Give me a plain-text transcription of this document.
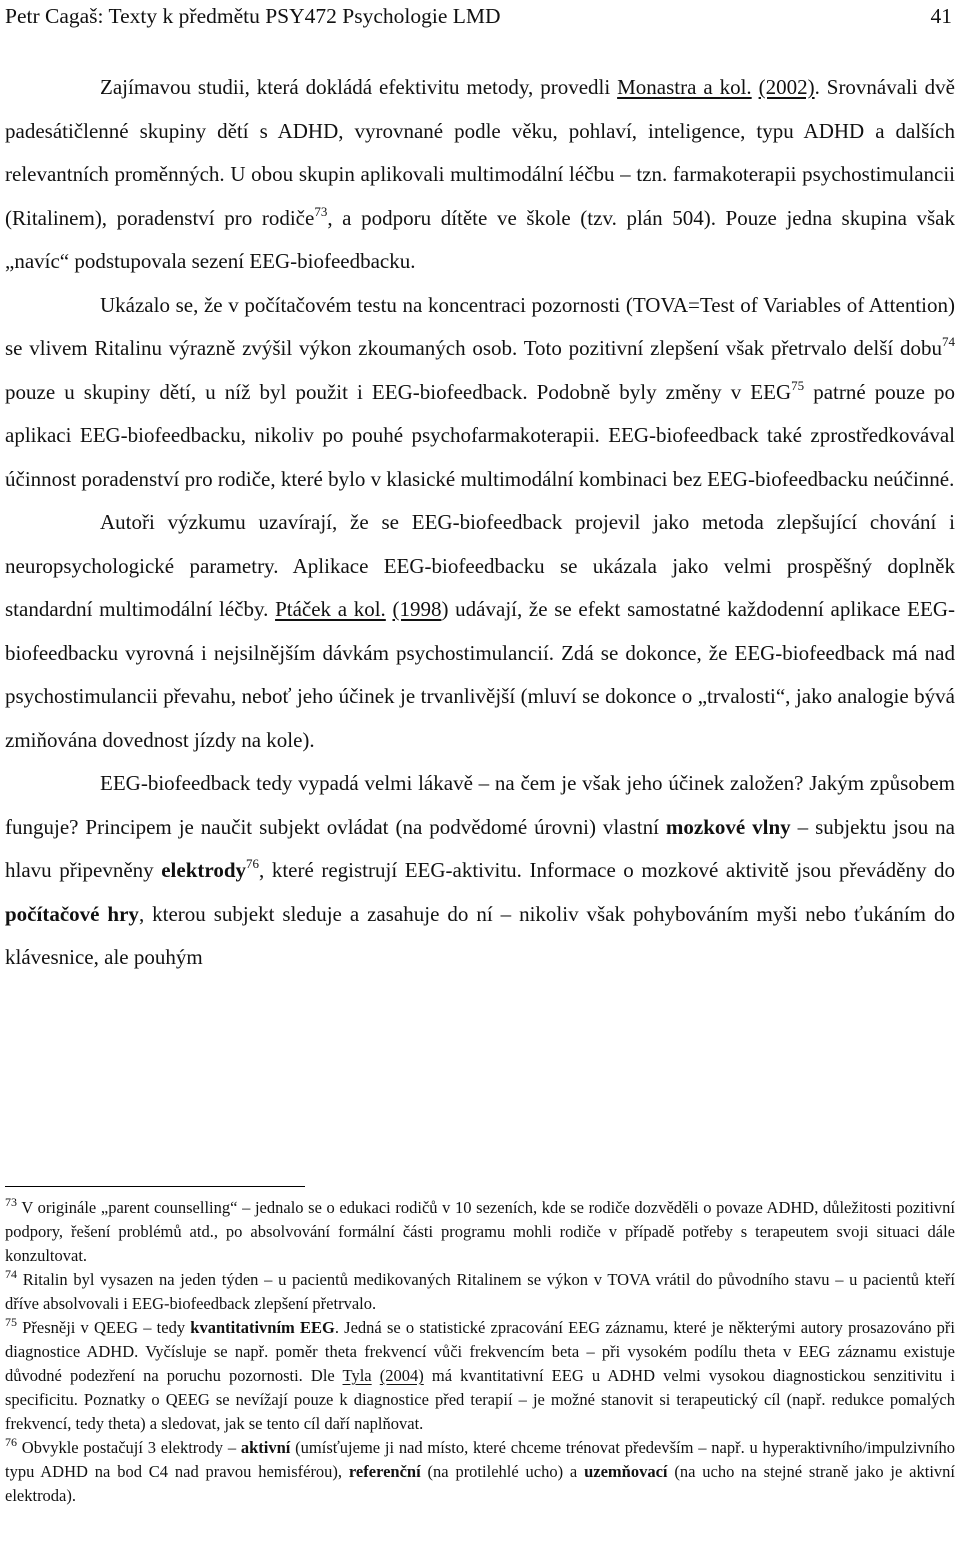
Petr Cagaš: Texty k předmětu PSY472 Psychologie LMD	41

Zajímavou studii, která dokládá efektivitu metody, provedli Monastra a kol. (2002). Srovnávali dvě padesátičlenné skupiny dětí s ADHD, vyrovnané podle věku, pohlaví, inteligence, typu ADHD a dalších relevantních proměnných. U obou skupin aplikovali multimodální léčbu – tzn. farmakoterapii psychostimulancii (Ritalinem), poradenství pro rodiče$^{73}$, a podporu dítěte ve škole (tzv. plán 504). Pouze jedna skupina však „navíc“ podstupovala sezení EEG-biofeedbacku.

Ukázalo se, že v počítačovém testu na koncentraci pozornosti (TOVA=Test of Variables of Attention) se vlivem Ritalinu výrazně zvýšil výkon zkoumaných osob. Toto pozitivní zlepšení však přetrvalo delší dobu$^{74}$ pouze u skupiny dětí, u níž byl použit i EEG-biofeedback. Podobně byly změny v EEG$^{75}$ patrné pouze po aplikaci EEG-biofeedbacku, nikoliv po pouhé psychofarmakoterapii. EEG-biofeedback také zprostředkovával účinnost poradenství pro rodiče, které bylo v klasické multimodální kombinaci bez EEG-biofeedbacku neúčinné.

Autoři výzkumu uzavírají, že se EEG-biofeedback projevil jako metoda zlepšující chování i neuropsychologické parametry. Aplikace EEG-biofeedbacku se ukázala jako velmi prospěšný doplněk standardní multimodální léčby. Ptáček a kol. (1998) udávají, že se efekt samostatné každodenní aplikace EEG-biofeedbacku vyrovná i nejsilnějším dávkám psychostimulancií. Zdá se dokonce, že EEG-biofeedback má nad psychostimulancii převahu, neboť jeho účinek je trvanlivější (mluví se dokonce o „trvalosti“, jako analogie bývá zmiňována dovednost jízdy na kole).

EEG-biofeedback tedy vypadá velmi lákavě – na čem je však jeho účinek založen? Jakým způsobem funguje? Principem je naučit subjekt ovládat (na podvědomé úrovni) vlastní mozkové vlny – subjektu jsou na hlavu připevněny elektrody$^{76}$, které registrují EEG-aktivitu. Informace o mozkové aktivitě jsou převáděny do počítačové hry, kterou subjekt sleduje a zasahuje do ní – nikoliv však pohybováním myši nebo ťukáním do klávesnice, ale pouhým

$^{73}$ V originále „parent counselling“ – jednalo se o edukaci rodičů v 10 sezeních, kde se rodiče dozvěděli o povaze ADHD, důležitosti pozitivní podpory, řešení problémů atd., po absolvování formální části programu mohli rodiče v případě potřeby s terapeutem svoji situaci dále konzultovat.

$^{74}$ Ritalin byl vysazen na jeden týden – u pacientů medikovaných Ritalinem se výkon v TOVA vrátil do původního stavu – u pacientů kteří dříve absolvovali i EEG-biofeedback zlepšení přetrvalo.

$^{75}$ Přesněji v QEEG – tedy kvantitativním EEG. Jedná se o statistické zpracování EEG záznamu, které je některými autory prosazováno při diagnostice ADHD. Vyčísluje se např. poměr theta frekvencí vůči frekvencím beta – při vysokém podílu theta v EEG záznamu existuje důvodné podezření na poruchu pozornosti. Dle Tyla (2004) má kvantitativní EEG u ADHD velmi vysokou diagnostickou senzitivitu i specificitu. Poznatky o QEEG se nevížají pouze k diagnostice před terapií – je možné stanovit si terapeutický cíl (např. redukce pomalých frekvencí, tedy theta) a sledovat, jak se tento cíl daří naplňovat.

$^{76}$ Obvykle postačují 3 elektrody – aktivní (umísťujeme ji nad místo, které chceme trénovat především – např. u hyperaktivního/impulzivního typu ADHD na bod C4 nad pravou hemisférou), referenční (na protilehlé ucho) a uzemňovací (na ucho na stejné straně jako je aktivní elektroda).
